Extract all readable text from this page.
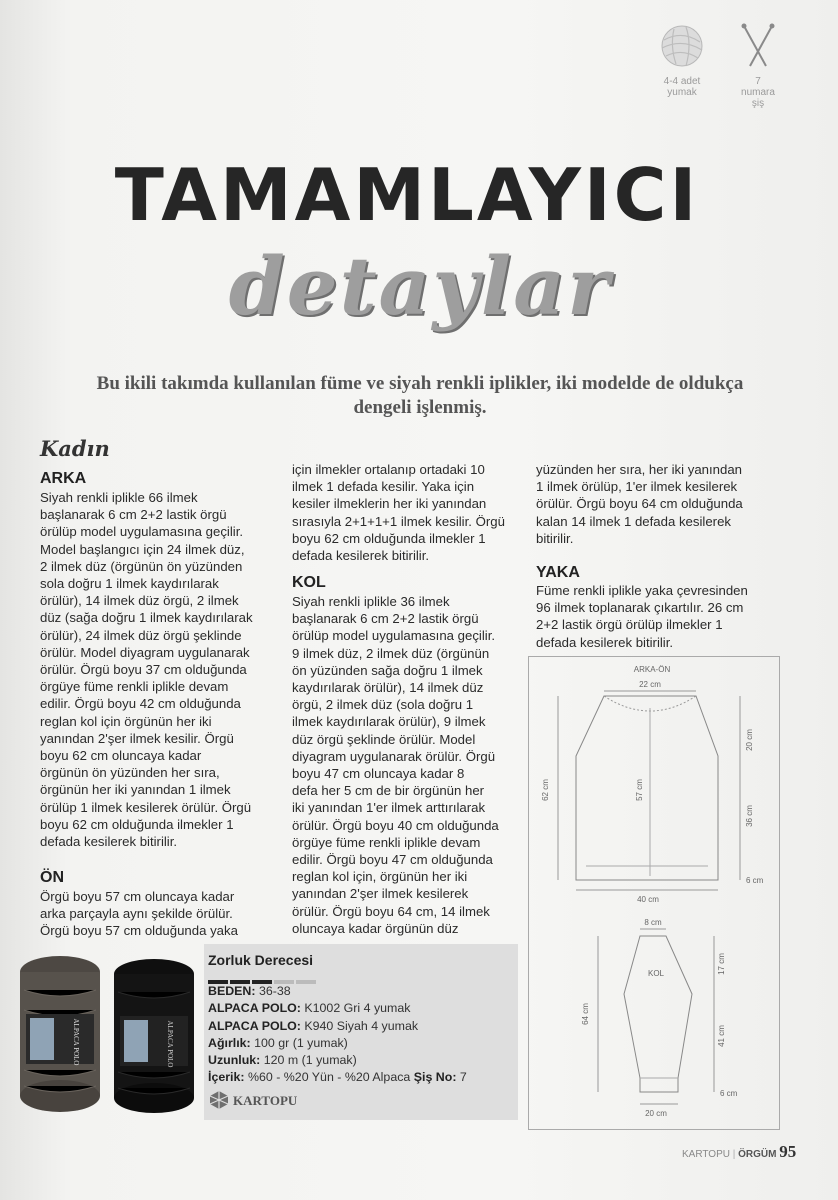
4-4 adet
yumak
7
numara
şiş
TAMAMLAYICI
detaylar
Bu ikili takımda kullanılan füme ve siyah renkli iplikler, iki modelde de oldukça dengeli işlenmiş.
Kadın
ARKA
Siyah renkli iplikle 66 ilmek
başlanarak 6 cm 2+2 lastik örgü
örülüp model uygulamasına geçilir.
Model başlangıcı için 24 ilmek düz,
2 ilmek düz (örgünün ön yüzünden
sola doğru 1 ilmek kaydırılarak
örülür), 14 ilmek düz örgü, 2 ilmek
düz (sağa doğru 1 ilmek kaydırılarak
örülür), 24 ilmek düz örgü şeklinde
örülür. Model diyagram uygulanarak
örülür. Örgü boyu 37 cm olduğunda
örgüye füme renkli iplikle devam
edilir. Örgü boyu 42 cm olduğunda
reglan kol için örgünün her iki
yanından 2'şer ilmek kesilir. Örgü
boyu 62 cm oluncaya kadar
örgünün ön yüzünden her sıra,
örgünün her iki yanından 1 ilmek
örülüp 1 ilmek kesilerek örülür. Örgü
boyu 62 cm olduğunda ilmekler 1
defada kesilerek bitirilir.
ÖN
Örgü boyu 57 cm oluncaya kadar
arka parçayla aynı şekilde örülür.
Örgü boyu 57 cm olduğunda yaka
için ilmekler ortalanıp ortadaki 10
ilmek 1 defada kesilir. Yaka için
kesiler ilmeklerin her iki yanından
sırasıyla 2+1+1+1 ilmek kesilir. Örgü
boyu 62 cm olduğunda ilmekler 1
defada kesilerek bitirilir.
KOL
Siyah renkli iplikle 36 ilmek
başlanarak 6 cm 2+2 lastik örgü
örülüp model uygulamasına geçilir.
9 ilmek düz, 2 ilmek düz (örgünün
ön yüzünden sağa doğru 1 ilmek
kaydırılarak örülür), 14 ilmek düz
örgü, 2 ilmek düz (sola doğru 1
ilmek kaydırılarak örülür), 9 ilmek
düz örgü şeklinde örülür. Model
diyagram uygulanarak örülür. Örgü
boyu 47 cm oluncaya kadar 8
defa her 5 cm de bir örgünün her
iki yanından 1'er ilmek arttırılarak
örülür. Örgü boyu 40 cm olduğunda
örgüye füme renkli iplikle devam
edilir. Örgü boyu 47 cm olduğunda
reglan kol için, örgünün her iki
yanından 2'şer ilmek kesilerek
örülür. Örgü boyu 64 cm, 14 ilmek
oluncaya kadar örgünün düz
yüzünden her sıra, her iki yanından
1 ilmek örülüp, 1'er ilmek kesilerek
örülür. Örgü boyu 64 cm olduğunda
kalan 14 ilmek 1 defada kesilerek
bitirilir.
YAKA
Füme renkli iplikle yaka çevresinden
96 ilmek toplanarak çıkartılır. 26 cm
2+2 lastik örgü örülüp ilmekler 1
defada kesilerek bitirilir.
ARKA-ÖN
22 cm
40 cm
62 cm	57 cm
20 cm
36 cm
6 cm
KOL
8 cm
20 cm
64 cm
17 cm
41 cm
6 cm
ALPACA POLO	ALPACA POLO
Zorluk Derecesi
BEDEN: 36-38
ALPACA POLO: K1002 Gri 4 yumak
ALPACA POLO: K940 Siyah 4 yumak
Ağırlık: 100 gr (1 yumak)
Uzunluk: 120 m (1 yumak)
İçerik: %60 - %20 Yün - %20 Alpaca Şiş No: 7
KARTOPU
KARTOPU | ÖRGÜM 95
